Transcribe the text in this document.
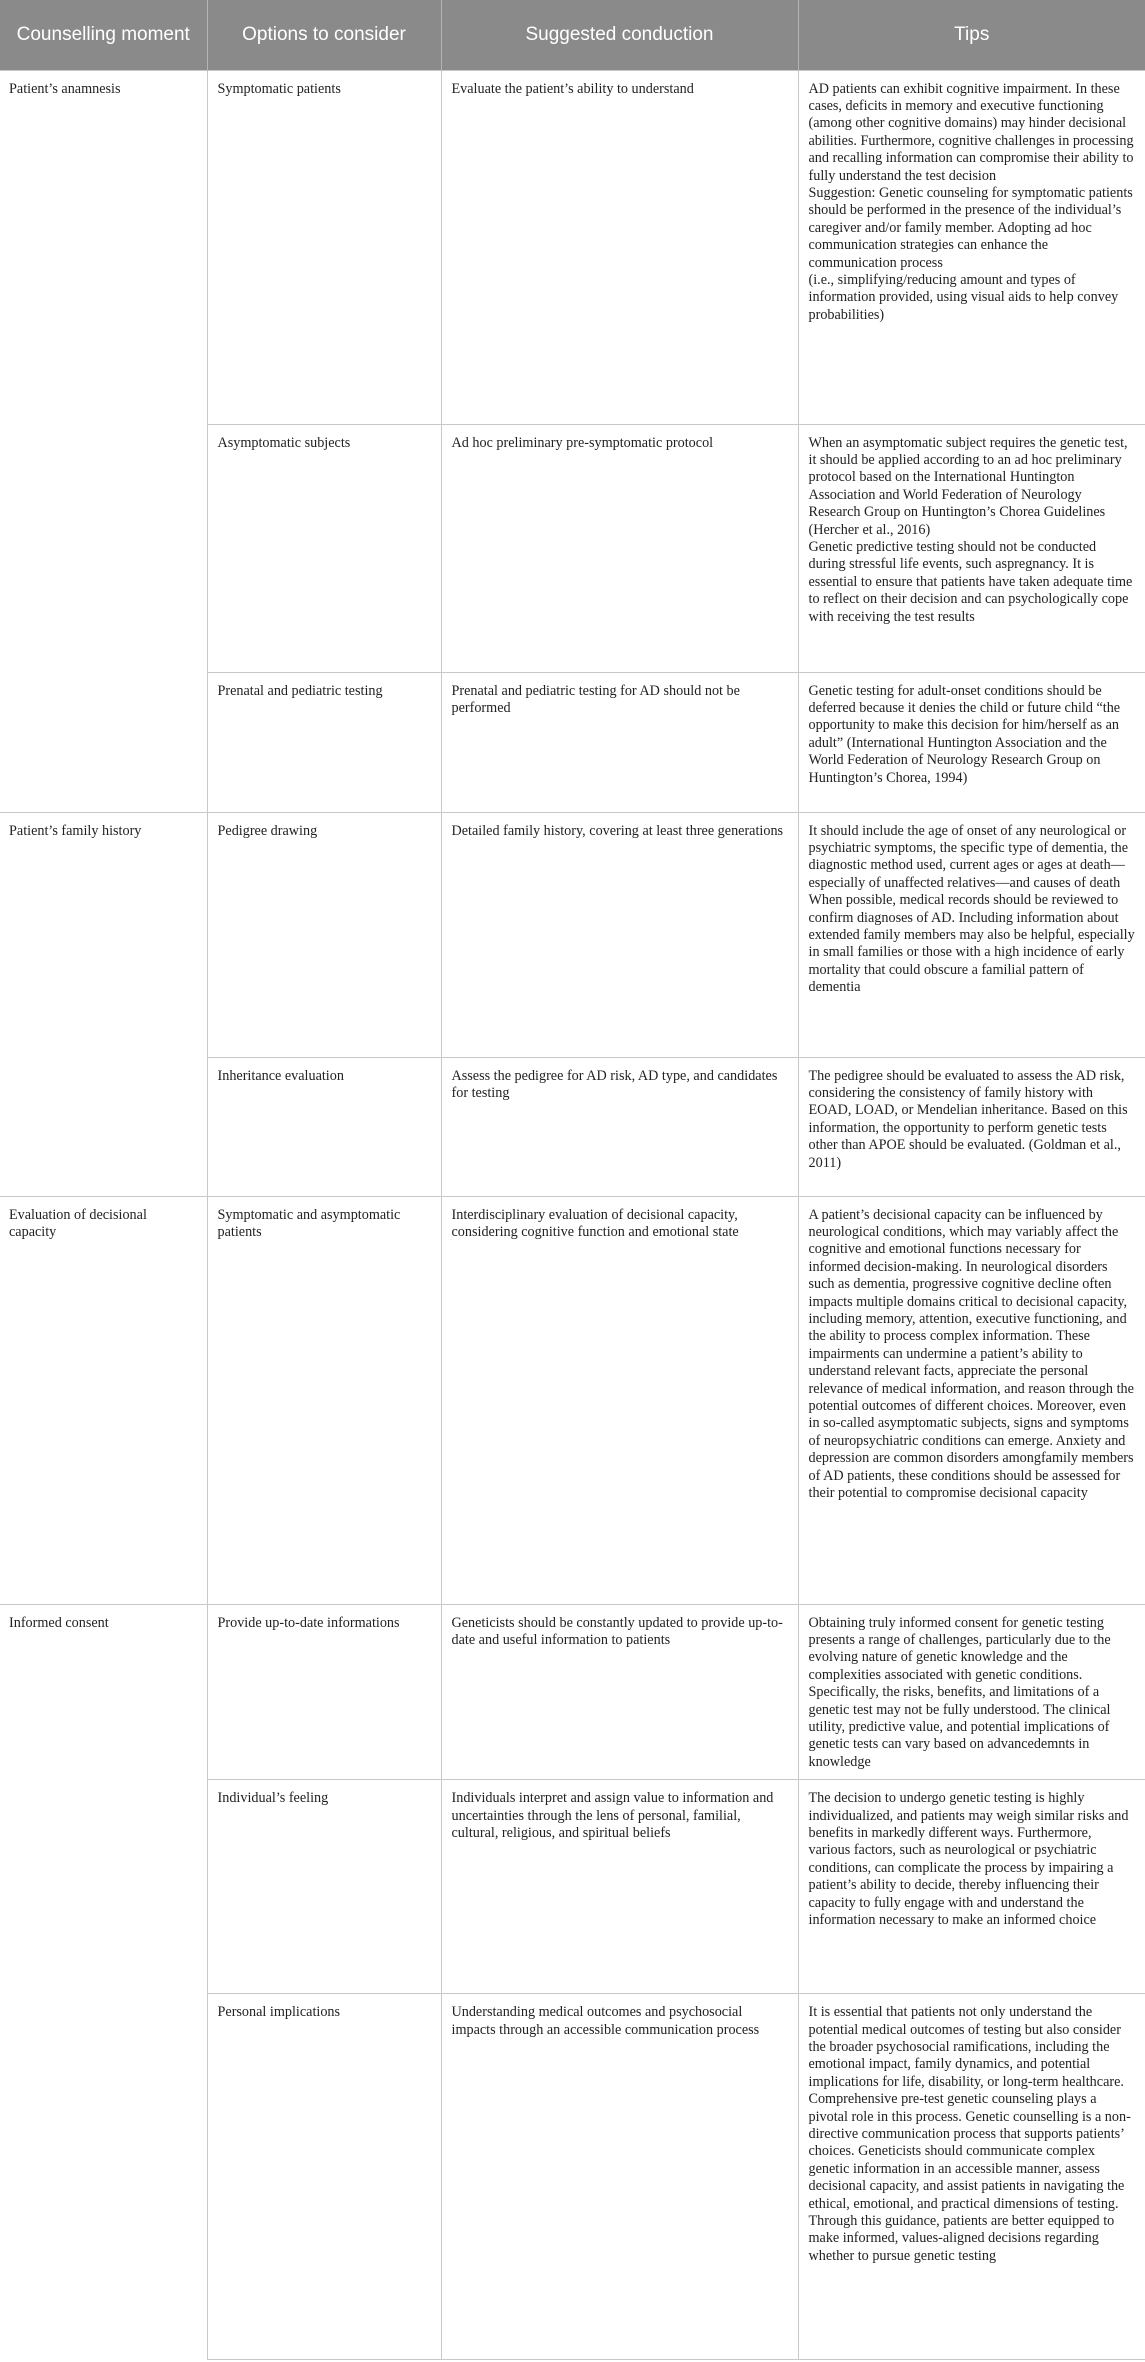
Counselling moment	Options to consider	Suggested conduction	Tips
Patient’s anamnesis	Symptomatic patients	Evaluate the patient’s ability to understand	AD patients can exhibit cognitive impairment. In these cases, deficits in memory and executive functioning (among other cognitive domains) may hinder decisional abilities. Furthermore, cognitive challenges in processing and recalling information can compromise their ability to fully understand the test decision
Suggestion: Genetic counseling for symptomatic patients should be performed in the presence of the individual’s caregiver and/or family member. Adopting ad hoc communication strategies can enhance the communication process
(i.e., simplifying/reducing amount and types of information provided, using visual aids to help convey probabilities)

	Asymptomatic subjects	Ad hoc preliminary pre-symptomatic protocol	When an asymptomatic subject requires the genetic test, it should be applied according to an ad hoc preliminary protocol based on the International Huntington Association and World Federation of Neurology Research Group on Huntington’s Chorea Guidelines (Hercher et al., 2016)
Genetic predictive testing should not be conducted during stressful life events, such aspregnancy. It is essential to ensure that patients have taken adequate time to reflect on their decision and can psychologically cope with receiving the test results

	Prenatal and pediatric testing	Prenatal and pediatric testing for AD should not be performed	Genetic testing for adult-onset conditions should be deferred because it denies the child or future child “the opportunity to make this decision for him/herself as an adult” (International Huntington Association and the World Federation of Neurology Research Group on Huntington’s Chorea, 1994)

Patient’s family history	Pedigree drawing	Detailed family history, covering at least three generations	It should include the age of onset of any neurological or psychiatric symptoms, the specific type of dementia, the diagnostic method used, current ages or ages at death—especially of unaffected relatives—and causes of death
When possible, medical records should be reviewed to confirm diagnoses of AD. Including information about extended family members may also be helpful, especially in small families or those with a high incidence of early mortality that could obscure a familial pattern of dementia

	Inheritance evaluation	Assess the pedigree for AD risk, AD type, and candidates for testing	The pedigree should be evaluated to assess the AD risk, considering the consistency of family history with EOAD, LOAD, or Mendelian inheritance. Based on this information, the opportunity to perform genetic tests other than APOE should be evaluated. (Goldman et al., 2011)

Evaluation of decisional capacity	Symptomatic and asymptomatic patients	Interdisciplinary evaluation of decisional capacity, considering cognitive function and emotional state	A patient’s decisional capacity can be influenced by neurological conditions, which may variably affect the cognitive and emotional functions necessary for informed decision-making. In neurological disorders such as dementia, progressive cognitive decline often impacts multiple domains critical to decisional capacity, including memory, attention, executive functioning, and the ability to process complex information. These impairments can undermine a patient’s ability to understand relevant facts, appreciate the personal relevance of medical information, and reason through the potential outcomes of different choices. Moreover, even in so-called asymptomatic subjects, signs and symptoms of neuropsychiatric conditions can emerge. Anxiety and depression are common disorders amongfamily members of AD patients, these conditions should be assessed for their potential to compromise decisional capacity

Informed consent	Provide up-to-date informations	Geneticists should be constantly updated to provide up-to-date and useful information to patients	Obtaining truly informed consent for genetic testing presents a range of challenges, particularly due to the evolving nature of genetic knowledge and the complexities associated with genetic conditions. Specifically, the risks, benefits, and limitations of a genetic test may not be fully understood. The clinical utility, predictive value, and potential implications of genetic tests can vary based on advancedemnts in knowledge

	Individual’s feeling	Individuals interpret and assign value to information and uncertainties through the lens of personal, familial, cultural, religious, and spiritual beliefs	The decision to undergo genetic testing is highly individualized, and patients may weigh similar risks and benefits in markedly different ways. Furthermore, various factors, such as neurological or psychiatric conditions, can complicate the process by impairing a patient’s ability to decide, thereby influencing their capacity to fully engage with and understand the information necessary to make an informed choice

	Personal implications	Understanding medical outcomes and psychosocial impacts through an accessible communication process	It is essential that patients not only understand the potential medical outcomes of testing but also consider the broader psychosocial ramifications, including the emotional impact, family dynamics, and potential implications for life, disability, or long-term healthcare. Comprehensive pre-test genetic counseling plays a pivotal role in this process. Genetic counselling is a non-directive communication process that supports patients’ choices. Geneticists should communicate complex genetic information in an accessible manner, assess decisional capacity, and assist patients in navigating the ethical, emotional, and practical dimensions of testing. Through this guidance, patients are better equipped to make informed, values-aligned decisions regarding whether to pursue genetic testing
